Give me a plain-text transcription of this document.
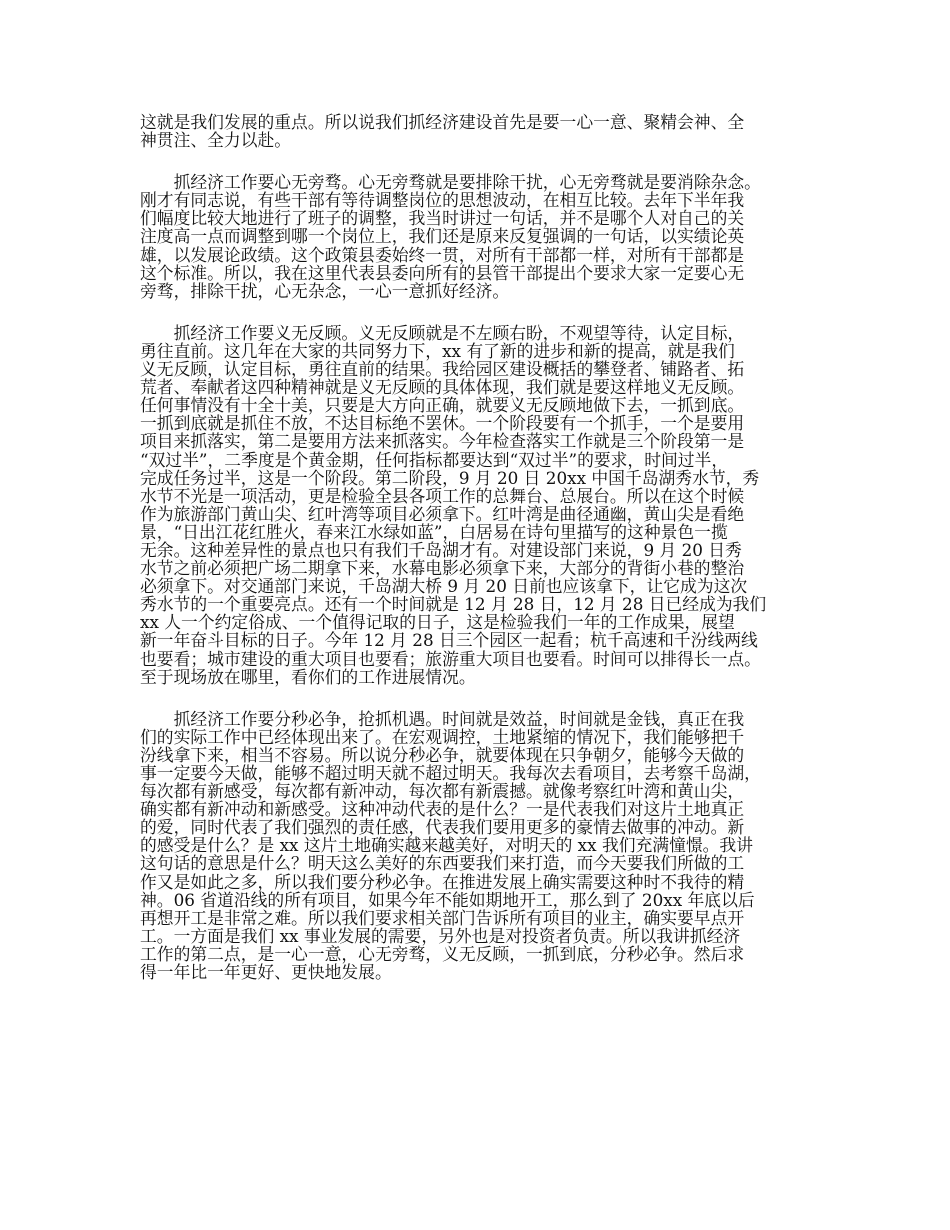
这就是我们发展的重点。所以说我们抓经济建设首先是要一心一意、聚精会神、全
神贯注、全力以赴。
抓经济工作要心无旁骛。心无旁骛就是要排除干扰，心无旁骛就是要消除杂念。
刚才有同志说，有些干部有等待调整岗位的思想波动，在相互比较。去年下半年我
们幅度比较大地进行了班子的调整，我当时讲过一句话，并不是哪个人对自己的关
注度高一点而调整到哪一个岗位上，我们还是原来反复强调的一句话，以实绩论英
雄，以发展论政绩。这个政策县委始终一贯，对所有干部都一样，对所有干部都是
这个标准。所以，我在这里代表县委向所有的县管干部提出个要求大家一定要心无
旁骛，排除干扰，心无杂念，一心一意抓好经济。
抓经济工作要义无反顾。义无反顾就是不左顾右盼，不观望等待，认定目标，
勇往直前。这几年在大家的共同努力下，xx 有了新的进步和新的提高，就是我们
义无反顾，认定目标，勇往直前的结果。我给园区建设概括的攀登者、铺路者、拓
荒者、奉献者这四种精神就是义无反顾的具体体现，我们就是要这样地义无反顾。
任何事情没有十全十美，只要是大方向正确，就要义无反顾地做下去，一抓到底。
一抓到底就是抓住不放，不达目标绝不罢休。一个阶段要有一个抓手，一个是要用
项目来抓落实，第二是要用方法来抓落实。今年检查落实工作就是三个阶段第一是
“双过半”，二季度是个黄金期，任何指标都要达到“双过半”的要求，时间过半，
完成任务过半，这是一个阶段。第二阶段，9 月 20 日 20xx 中国千岛湖秀水节，秀
水节不光是一项活动，更是检验全县各项工作的总舞台、总展台。所以在这个时候
作为旅游部门黄山尖、红叶湾等项目必须拿下。红叶湾是曲径通幽，黄山尖是看绝
景，“日出江花红胜火，春来江水绿如蓝”，白居易在诗句里描写的这种景色一揽
无余。这种差异性的景点也只有我们千岛湖才有。对建设部门来说，9 月 20 日秀
水节之前必须把广场二期拿下来，水幕电影必须拿下来，大部分的背街小巷的整治
必须拿下。对交通部门来说，千岛湖大桥 9 月 20 日前也应该拿下，让它成为这次
秀水节的一个重要亮点。还有一个时间就是 12 月 28 日，12 月 28 日已经成为我们
xx 人一个约定俗成、一个值得记取的日子，这是检验我们一年的工作成果，展望
新一年奋斗目标的日子。今年 12 月 28 日三个园区一起看；杭千高速和千汾线两线
也要看；城市建设的重大项目也要看；旅游重大项目也要看。时间可以排得长一点。
至于现场放在哪里，看你们的工作进展情况。
抓经济工作要分秒必争，抢抓机遇。时间就是效益，时间就是金钱，真正在我
们的实际工作中已经体现出来了。在宏观调控，土地紧缩的情况下，我们能够把千
汾线拿下来，相当不容易。所以说分秒必争，就要体现在只争朝夕，能够今天做的
事一定要今天做，能够不超过明天就不超过明天。我每次去看项目，去考察千岛湖，
每次都有新感受，每次都有新冲动，每次都有新震撼。就像考察红叶湾和黄山尖，
确实都有新冲动和新感受。这种冲动代表的是什么？一是代表我们对这片土地真正
的爱，同时代表了我们强烈的责任感，代表我们要用更多的豪情去做事的冲动。新
的感受是什么？是 xx 这片土地确实越来越美好，对明天的 xx 我们充满憧憬。我讲
这句话的意思是什么？明天这么美好的东西要我们来打造，而今天要我们所做的工
作又是如此之多，所以我们要分秒必争。在推进发展上确实需要这种时不我待的精
神。06 省道沿线的所有项目，如果今年不能如期地开工，那么到了 20xx 年底以后
再想开工是非常之难。所以我们要求相关部门告诉所有项目的业主，确实要早点开
工。一方面是我们 xx 事业发展的需要，另外也是对投资者负责。所以我讲抓经济
工作的第二点，是一心一意，心无旁骛，义无反顾，一抓到底，分秒必争。然后求
得一年比一年更好、更快地发展。
